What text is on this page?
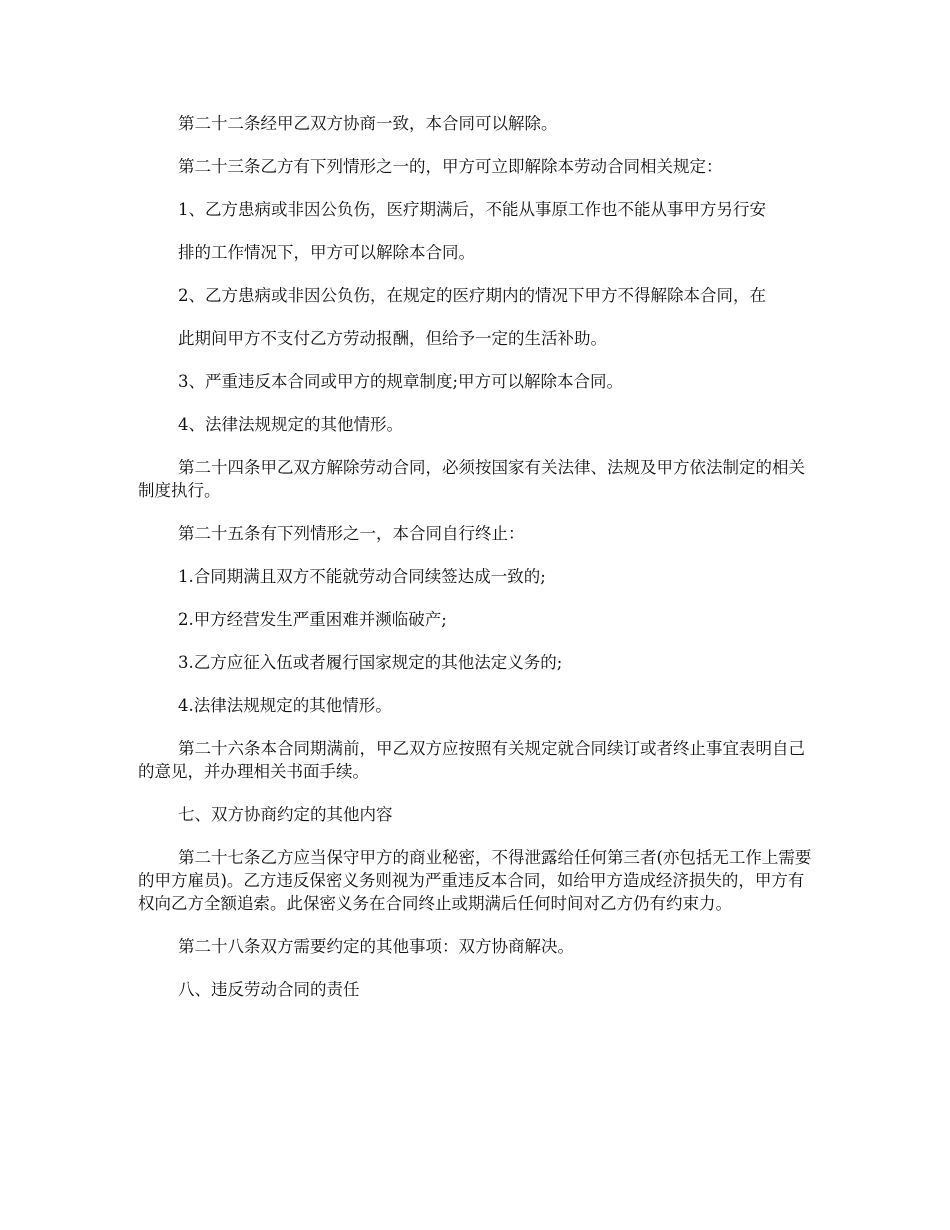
第二十二条经甲乙双方协商一致，本合同可以解除。

第二十三条乙方有下列情形之一的，甲方可立即解除本劳动合同相关规定：

1、乙方患病或非因公负伤，医疗期满后，不能从事原工作也不能从事甲方另行安

排的工作情况下，甲方可以解除本合同。

2、乙方患病或非因公负伤，在规定的医疗期内的情况下甲方不得解除本合同，在

此期间甲方不支付乙方劳动报酬，但给予一定的生活补助。

3、严重违反本合同或甲方的规章制度;甲方可以解除本合同。

4、法律法规规定的其他情形。

第二十四条甲乙双方解除劳动合同，必须按国家有关法律、法规及甲方依法制定的相关制度执行。

第二十五条有下列情形之一，本合同自行终止：

1.合同期满且双方不能就劳动合同续签达成一致的;

2.甲方经营发生严重困难并濒临破产;

3.乙方应征入伍或者履行国家规定的其他法定义务的;

4.法律法规规定的其他情形。

第二十六条本合同期满前，甲乙双方应按照有关规定就合同续订或者终止事宜表明自己的意见，并办理相关书面手续。

七、双方协商约定的其他内容

第二十七条乙方应当保守甲方的商业秘密，不得泄露给任何第三者(亦包括无工作上需要的甲方雇员)。乙方违反保密义务则视为严重违反本合同，如给甲方造成经济损失的，甲方有权向乙方全额追索。此保密义务在合同终止或期满后任何时间对乙方仍有约束力。

第二十八条双方需要约定的其他事项：双方协商解决。

八、违反劳动合同的责任
